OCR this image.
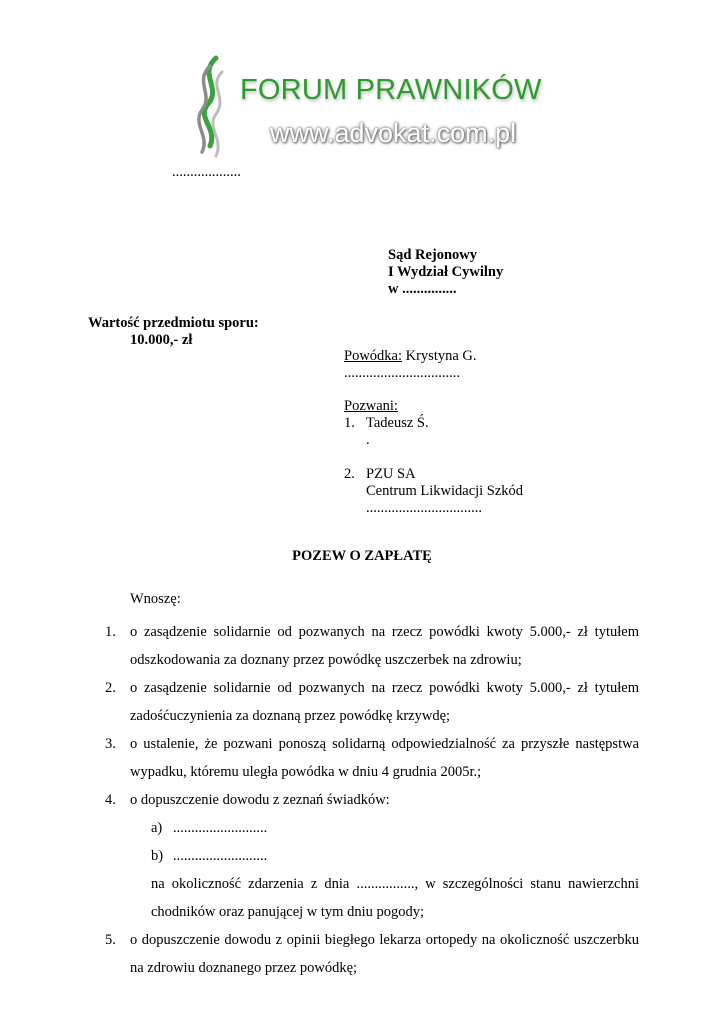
FORUM PRAWNIKÓW
www.advokat.com.pl
...................
Sąd Rejonowy
I Wydział Cywilny
w ...............
Wartość przedmiotu sporu:
10.000,- zł
Powódka: Krystyna G.
................................
Pozwani:
1. Tadeusz Ś.
.
2. PZU SA
Centrum Likwidacji Szkód
................................
POZEW O ZAPŁATĘ
Wnoszę:
1. o zasądzenie solidarnie od pozwanych na rzecz powódki kwoty 5.000,- zł tytułem odszkodowania za doznany przez powódkę uszczerbek na zdrowiu;
2. o zasądzenie solidarnie od pozwanych na rzecz powódki kwoty 5.000,- zł tytułem zadośćuczynienia za doznaną przez powódkę krzywdę;
3. o ustalenie, że pozwani ponoszą solidarną odpowiedzialność za przyszłe następstwa wypadku, któremu uległa powódka w dniu 4 grudnia 2005r.;
4. o dopuszczenie dowodu z zeznań świadków:
a) ..........................
b) ..........................
na okoliczność zdarzenia z dnia ................, w szczególności stanu nawierzchni chodników oraz panującej w tym dniu pogody;
5. o dopuszczenie dowodu z opinii biegłego lekarza ortopedy na okoliczność uszczerbku na zdrowiu doznanego przez powódkę;
